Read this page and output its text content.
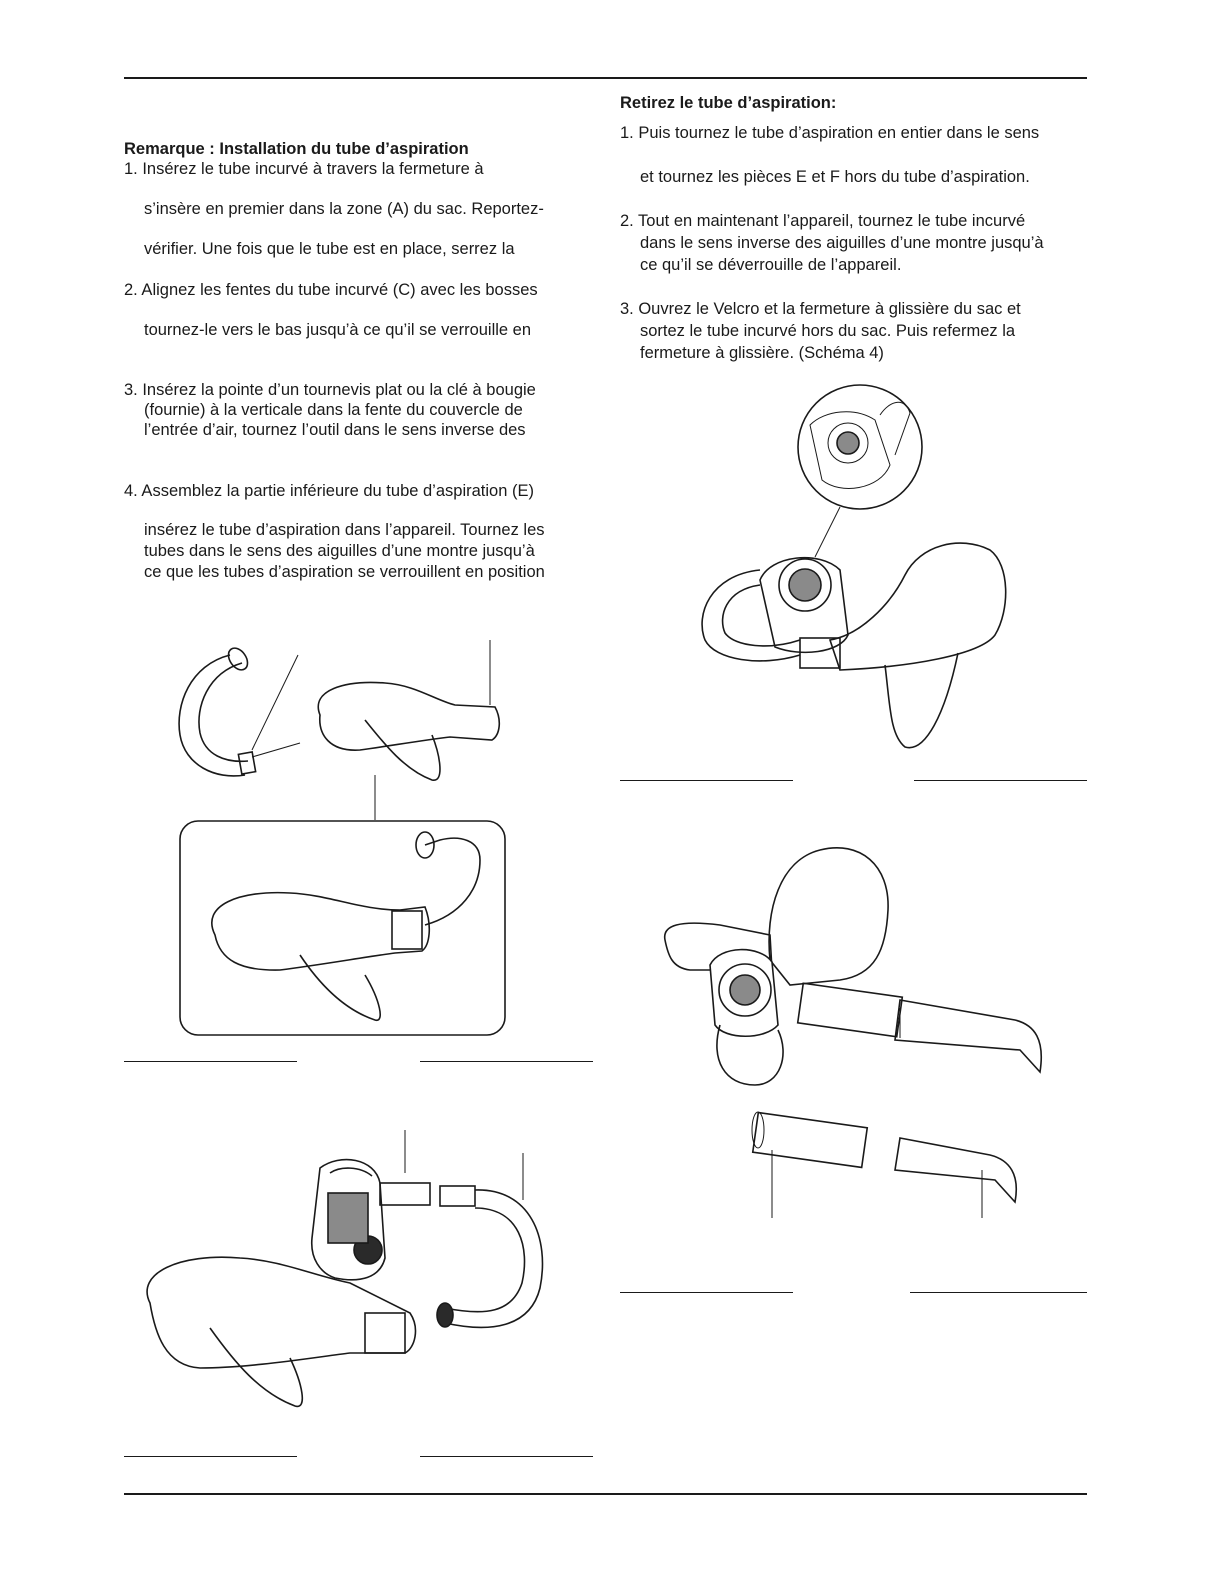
Remarque : Installation du tube d’aspiration
1. Insérez le tube incurvé à travers la fermeture à
s’insère en premier dans la zone (A) du sac. Reportez-
vérifier. Une fois que le tube est en place, serrez la
2. Alignez les fentes du tube incurvé (C) avec les bosses
tournez-le vers le bas jusqu’à ce qu’il se verrouille en
3. Insérez la pointe d’un tournevis plat ou la clé à bougie
(fournie) à la verticale dans la fente du couvercle de
l’entrée d’air, tournez l’outil dans le sens inverse des
4. Assemblez la partie inférieure du tube d’aspiration (E)
insérez le tube d’aspiration dans l’appareil. Tournez les
tubes dans le sens des aiguilles d’une montre jusqu’à
ce que les tubes d’aspiration se verrouillent en position
Retirez le tube d’aspiration:
1. Puis tournez le tube d’aspiration en entier dans le sens
et tournez les pièces E et F hors du tube d’aspiration.
2. Tout en maintenant l’appareil, tournez le tube incurvé
dans le sens inverse des aiguilles d’une montre jusqu’à
ce qu’il se déverrouille de l’appareil.
3. Ouvrez le Velcro et la fermeture à glissière du sac et
sortez le tube incurvé hors du sac. Puis refermez la
fermeture à glissière. (Schéma 4)
